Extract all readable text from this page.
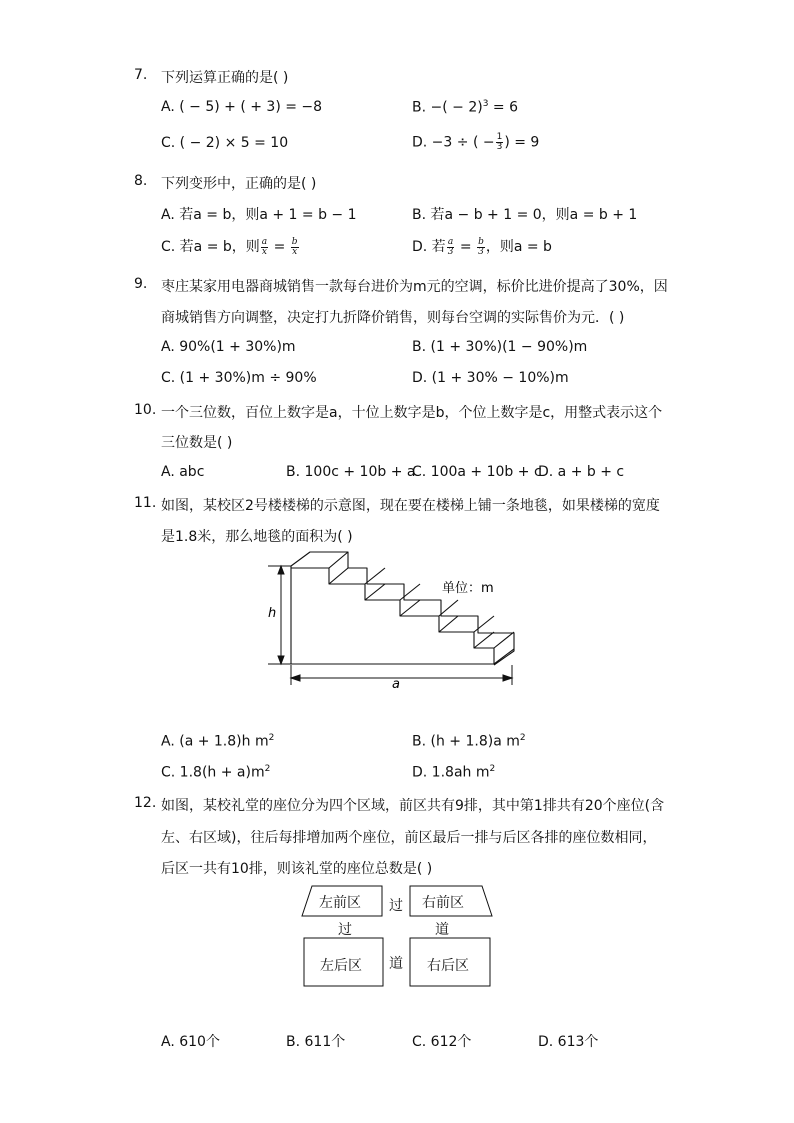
7. 下列运算正确的是( )
A. ( − 5) + ( + 3) = −8	B. −( − 2)$^3$ = 6
C. ( − 2) × 5 = 10	D. −3 ÷ ( − $\frac{1}{3}$ ) = 9
8. 下列变形中，正确的是( )
A. 若a = b，则a + 1 = b − 1	B. 若a − b + 1 = 0，则a = b + 1
C. 若a = b，则 $\frac{a}{x} = \frac{b}{x}$	D. 若 $\frac{a}{3} = \frac{b}{3}$ ，则a = b
9. 枣庄某家用电器商城销售一款每台进价为m元的空调，标价比进价提高了30%，因
商城销售方向调整，决定打九折降价销售，则每台空调的实际售价为元．( )
A. 90%(1 + 30%)m	B. (1 + 30%)(1 − 90%)m
C. (1 + 30%)m ÷ 90%	D. (1 + 30% − 10%)m
10. 一个三位数，百位上数字是a，十位上数字是b，个位上数字是c，用整式表示这个
三位数是( )
A. abc	B. 100c + 10b + a
C. 100a + 10b + c
D. a + b + c
11. 如图，某校区2号楼楼梯的示意图，现在要在楼梯上铺一条地毯，如果楼梯的宽度
是1.8米，那么地毯的面积为( )
h
a
单位：m
A. (a + 1.8)h $m^2$	B. (h + 1.8)a $m^2$
C. $1.8(h + a)m^2$	D. 1.8ah $m^2$
12. 如图，某校礼堂的座位分为四个区域，前区共有9排，其中第1排共有20个座位(含
左、右区域)，往后每排增加两个座位，前区最后一排与后区各排的座位数相同，
后区一共有10排，则该礼堂的座位总数是( )
左前区	右前区
左后区	右后区
过
过	道
道
A. 610个	B. 611个	C. 612个	D. 613个
